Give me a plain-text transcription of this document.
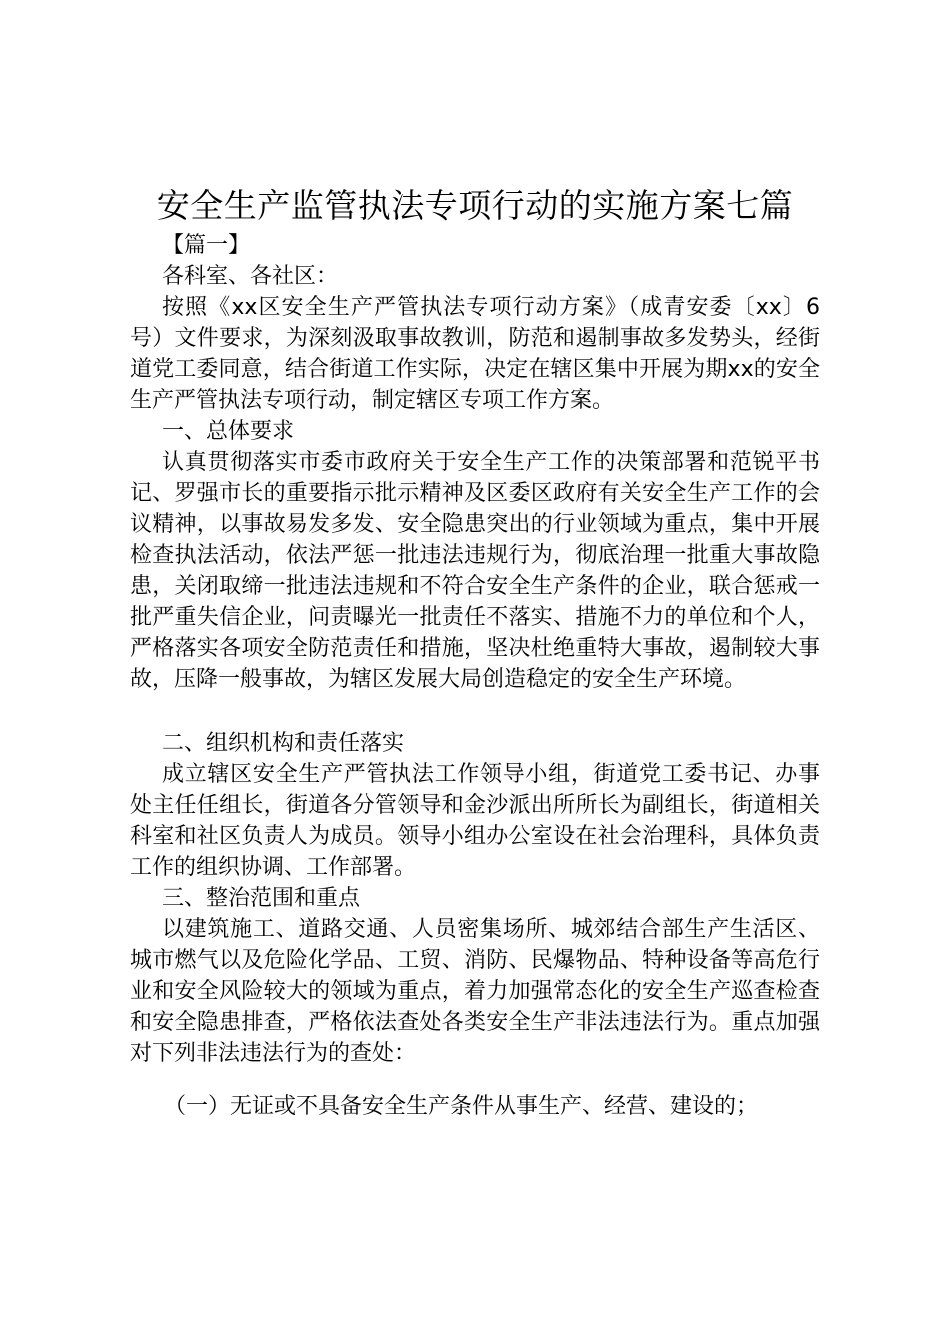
安全生产监管执法专项行动的实施方案七篇

【篇一】

各科室、各社区：

按照《xx区安全生产严管执法专项行动方案》（成青安委〔xx〕6号）文件要求，为深刻汲取事故教训，防范和遏制事故多发势头，经街道党工委同意，结合街道工作实际，决定在辖区集中开展为期xx的安全生产严管执法专项行动，制定辖区专项工作方案。

一、总体要求

认真贯彻落实市委市政府关于安全生产工作的决策部署和范锐平书记、罗强市长的重要指示批示精神及区委区政府有关安全生产工作的会议精神，以事故易发多发、安全隐患突出的行业领域为重点，集中开展检查执法活动，依法严惩一批违法违规行为，彻底治理一批重大事故隐患，关闭取缔一批违法违规和不符合安全生产条件的企业，联合惩戒一批严重失信企业，问责曝光一批责任不落实、措施不力的单位和个人，严格落实各项安全防范责任和措施，坚决杜绝重特大事故，遏制较大事故，压降一般事故，为辖区发展大局创造稳定的安全生产环境。

二、组织机构和责任落实

成立辖区安全生产严管执法工作领导小组，街道党工委书记、办事处主任任组长，街道各分管领导和金沙派出所所长为副组长，街道相关科室和社区负责人为成员。领导小组办公室设在社会治理科，具体负责工作的组织协调、工作部署。

三、整治范围和重点

以建筑施工、道路交通、人员密集场所、城郊结合部生产生活区、城市燃气以及危险化学品、工贸、消防、民爆物品、特种设备等高危行业和安全风险较大的领域为重点，着力加强常态化的安全生产巡查检查和安全隐患排查，严格依法查处各类安全生产非法违法行为。重点加强对下列非法违法行为的查处：

（一）无证或不具备安全生产条件从事生产、经营、建设的；
